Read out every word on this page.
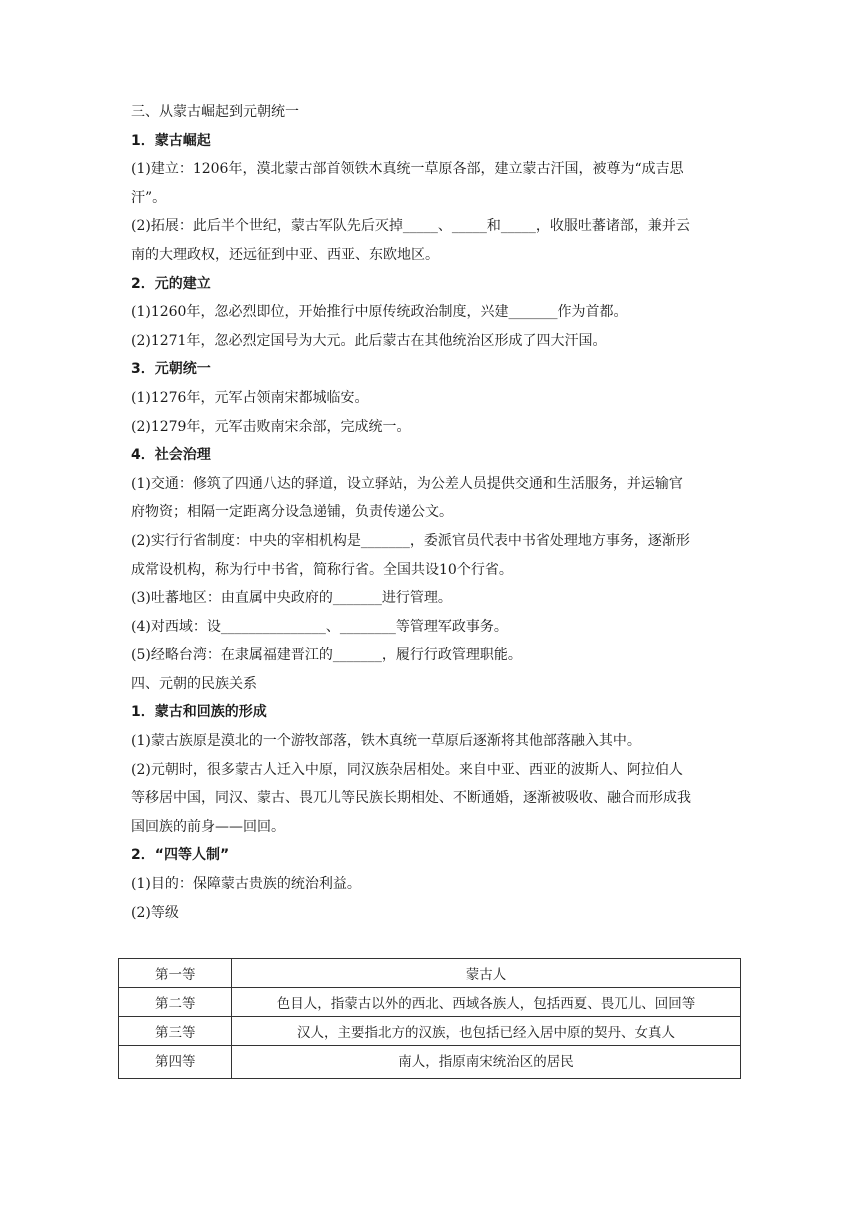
三、从蒙古崛起到元朝统一

1．蒙古崛起

(1)建立：1206年，漠北蒙古部首领铁木真统一草原各部，建立蒙古汗国，被尊为“成吉思

汗”。

(2)拓展：此后半个世纪，蒙古军队先后灭掉_____、_____和_____，收服吐蕃诸部，兼并云

南的大理政权，还远征到中亚、西亚、东欧地区。

2．元的建立

(1)1260年，忽必烈即位，开始推行中原传统政治制度，兴建_______作为首都。

(2)1271年，忽必烈定国号为大元。此后蒙古在其他统治区形成了四大汗国。

3．元朝统一

(1)1276年，元军占领南宋都城临安。

(2)1279年，元军击败南宋余部，完成统一。

4．社会治理

(1)交通：修筑了四通八达的驿道，设立驿站，为公差人员提供交通和生活服务，并运输官

府物资；相隔一定距离分设急递铺，负责传递公文。

(2)实行行省制度：中央的宰相机构是_______，委派官员代表中书省处理地方事务，逐渐形

成常设机构，称为行中书省，简称行省。全国共设10个行省。

(3)吐蕃地区：由直属中央政府的_______进行管理。

(4)对西域：设_______________、________等管理军政事务。

(5)经略台湾：在隶属福建晋江的_______，履行行政管理职能。

四、元朝的民族关系

1．蒙古和回族的形成

(1)蒙古族原是漠北的一个游牧部落，铁木真统一草原后逐渐将其他部落融入其中。

(2)元朝时，很多蒙古人迁入中原，同汉族杂居相处。来自中亚、西亚的波斯人、阿拉伯人

等移居中国，同汉、蒙古、畏兀儿等民族长期相处、不断通婚，逐渐被吸收、融合而形成我

国回族的前身——回回。

2．“四等人制”

(1)目的：保障蒙古贵族的统治利益。

(2)等级

第一等	蒙古人
第二等	色目人，指蒙古以外的西北、西域各族人，包括西夏、畏兀儿、回回等
第三等	汉人，主要指北方的汉族，也包括已经入居中原的契丹、女真人
第四等	南人，指原南宋统治区的居民
